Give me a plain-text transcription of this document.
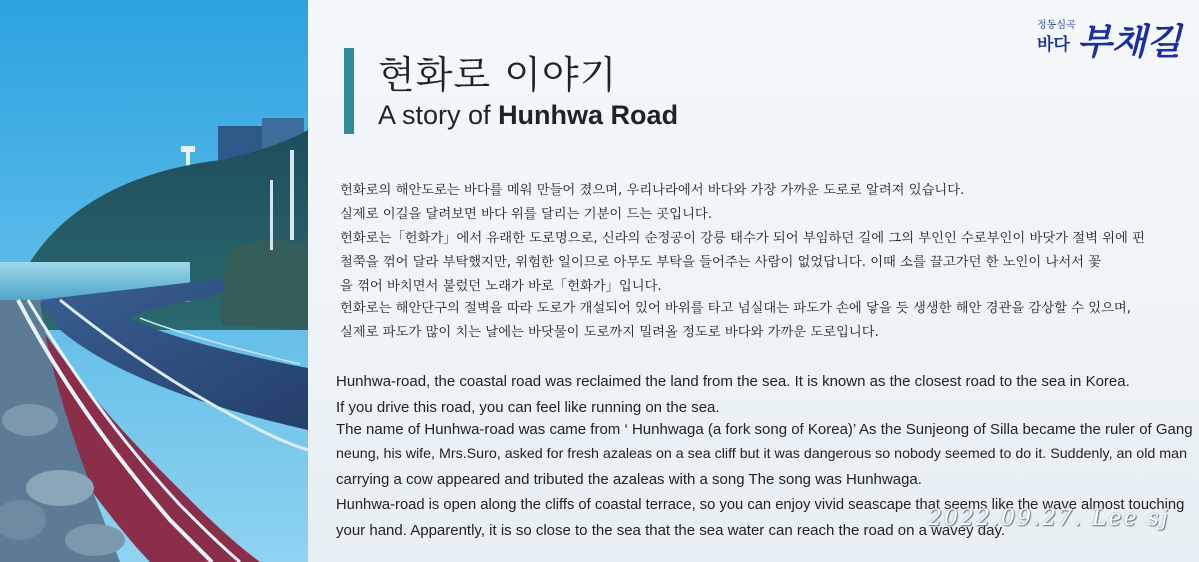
현화로 이야기
A story of Hunhwa Road
정동심곡
바다 부채길
헌화로의 해안도로는 바다를 메워 만들어 졌으며, 우리나라에서 바다와 가장 가까운 도로로 알려져 있습니다.
실제로 이길을 달려보면 바다 위를 달리는 기분이 드는 곳입니다.
헌화로는「헌화가」에서 유래한 도로명으로, 신라의 순정공이 강릉 태수가 되어 부임하던 길에 그의 부인인 수로부인이 바닷가 절벽 위에 핀
철쭉을 꺾어 달라 부탁했지만, 위험한 일이므로 아무도 부탁을 들어주는 사람이 없었답니다. 이때 소를 끌고가던 한 노인이 나서서 꽃
을 꺾어 바치면서 불렀던 노래가 바로「헌화가」입니다.
헌화로는 해안단구의 절벽을 따라 도로가 개설되어 있어 바위를 타고 넘실대는 파도가 손에 닿을 듯 생생한 해안 경관을 감상할 수 있으며,
실제로 파도가 많이 치는 날에는 바닷물이 도로까지 밀려올 정도로 바다와 가까운 도로입니다.
Hunhwa-road, the coastal road was reclaimed the land from the sea. It is known as the closest road to the sea in Korea.
If you drive this road, you can feel like running on the sea.
The name of Hunhwa-road was came from ‘ Hunhwaga (a fork song of Korea)’ As the Sunjeong of Silla became the ruler of Gang
neung, his wife, Mrs.Suro, asked for fresh azaleas on a sea cliff but it was dangerous so nobody seemed to do it. Suddenly, an old man
carrying a cow appeared and tributed the azaleas with a song The song was Hunhwaga.
Hunhwa-road is open along the cliffs of coastal terrace, so you can enjoy vivid seascape that seems like the wave almost touching
your hand. Apparently, it is so close to the sea that the sea water can reach the road on a wavey day.
2022.09.27. Lee sj
